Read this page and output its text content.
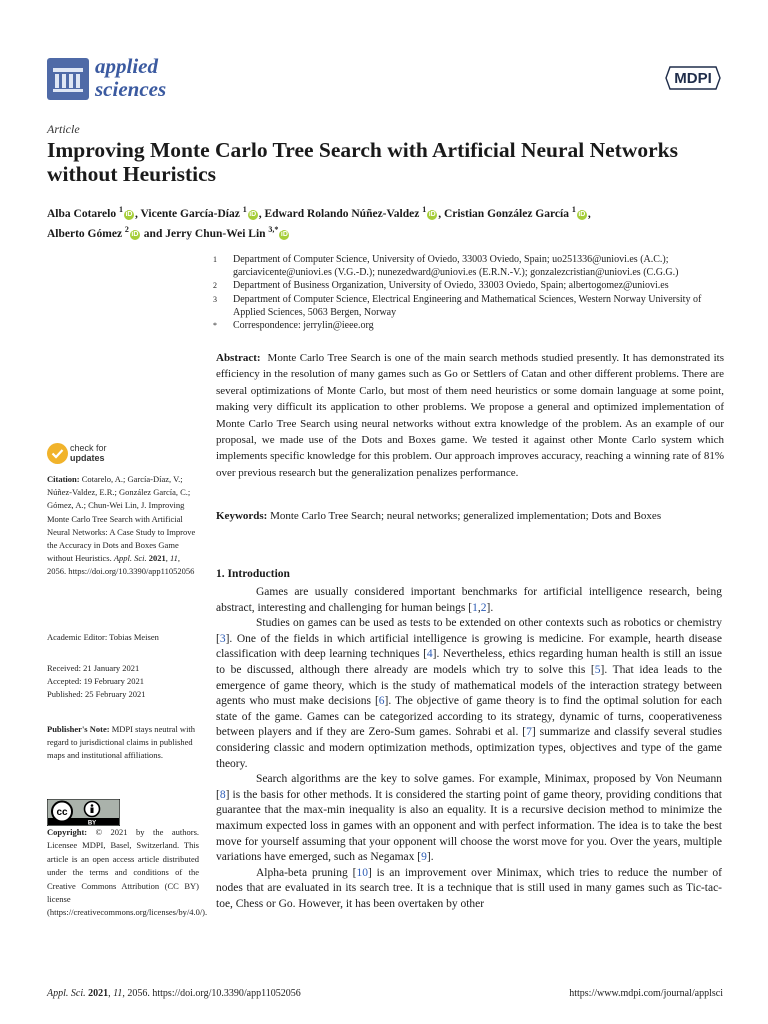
applied
sciences	MDPI
Article
Improving Monte Carlo Tree Search with Artificial Neural Networks without Heuristics
Alba Cotarelo $^1$iD , Vicente García-Díaz $^1$iD , Edward Rolando Núñez-Valdez $^1$iD , Cristian González García $^1$iD ,
Alberto Gómez $^2$iD and Jerry Chun-Wei Lin $^{3,*}$iD
1	Department of Computer Science, University of Oviedo, 33003 Oviedo, Spain; uo251336@uniovi.es (A.C.); garciavicente@uniovi.es (V.G.-D.); nunezedward@uniovi.es (E.R.N.-V.); gonzalezcristian@uniovi.es (C.G.G.)
2	Department of Business Organization, University of Oviedo, 33003 Oviedo, Spain; albertogomez@uniovi.es
3	Department of Computer Science, Electrical Engineering and Mathematical Sciences, Western Norway University of Applied Sciences, 5063 Bergen, Norway
*	Correspondence: jerrylin@ieee.org
Abstract: Monte Carlo Tree Search is one of the main search methods studied presently. It has demonstrated its efficiency in the resolution of many games such as Go or Settlers of Catan and other different problems. There are several optimizations of Monte Carlo, but most of them need heuristics or some domain language at some point, making very difficult its application to other problems. We propose a general and optimized implementation of Monte Carlo Tree Search using neural networks without extra knowledge of the problem. As an example of our proposal, we made use of the Dots and Boxes game. We tested it against other Monte Carlo system which implements specific knowledge for this problem. Our approach improves accuracy, reaching a winning rate of 81% over previous research but the generalization penalizes performance.
Keywords: Monte Carlo Tree Search; neural networks; generalized implementation; Dots and Boxes
check for
updates
Citation: Cotarelo, A.; García-Díaz, V.; Núñez-Valdez, E.R.; González García, C.; Gómez, A.; Chun-Wei Lin, J. Improving Monte Carlo Tree Search with Artificial Neural Networks: A Case Study to Improve the Accuracy in Dots and Boxes Game without Heuristics. Appl. Sci. 2021, 11, 2056. https://doi.org/10.3390/app11052056
Academic Editor: Tobias Meisen
Received: 21 January 2021
Accepted: 19 February 2021
Published: 25 February 2021
Publisher's Note: MDPI stays neutral with regard to jurisdictional claims in published maps and institutional affiliations.
cc
BY
Copyright: © 2021 by the authors. Licensee MDPI, Basel, Switzerland. This article is an open access article distributed under the terms and conditions of the Creative Commons Attribution (CC BY) license (https://creativecommons.org/licenses/by/4.0/).
1. Introduction

Games are usually considered important benchmarks for artificial intelligence research, being abstract, interesting and challenging for human beings [1,2].

Studies on games can be used as tests to be extended on other contexts such as robotics or chemistry [3]. One of the fields in which artificial intelligence is growing is medicine. For example, hearth disease classification with deep learning techniques [4]. Nevertheless, ethics regarding human health is still an issue to be discussed, although there already are models which try to solve this [5]. That idea leads to the emergence of game theory, which is the study of mathematical models of the interaction strategy between agents who must make decisions [6]. The objective of game theory is to find the optimal solution for each state of the game. Games can be categorized according to its strategy, dynamic of turns, cooperativeness between players and if they are Zero-Sum games. Sohrabi et al. [7] summarize and classify several studies considering classic and modern optimization methods, optimization types, objectives and type of the game theory.

Search algorithms are the key to solve games. For example, Minimax, proposed by Von Neumann [8] is the basis for other methods. It is considered the starting point of game theory, providing conditions that guarantee that the max-min inequality is also an equality. It is a recursive decision method to minimize the maximum expected loss in games with an opponent and with perfect information. The idea is to take the best move for yourself assuming that your opponent will choose the worst move for you. Over the years, multiple variations have emerged, such as Negamax [9].

Alpha-beta pruning [10] is an improvement over Minimax, which tries to reduce the number of nodes that are evaluated in its search tree. It is a technique that is still used in many games such as Tic-tac-toe, Chess or Go. However, it has been overtaken by other

Appl. Sci. 2021, 11, 2056. https://doi.org/10.3390/app11052056	https://www.mdpi.com/journal/applsci
